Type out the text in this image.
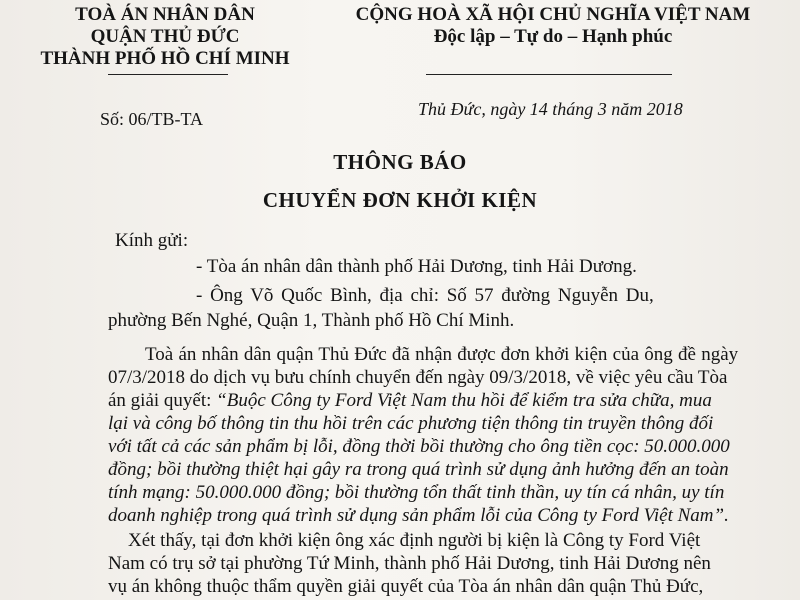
TOÀ ÁN NHÂN DÂN
QUẬN THỦ ĐỨC
THÀNH PHỐ HỒ CHÍ MINH
CỘNG HOÀ XÃ HỘI CHỦ NGHĨA VIỆT NAM
Độc lập – Tự do – Hạnh phúc
Số: 06/TB-TA	Thủ Đức, ngày 14 tháng 3 năm 2018
THÔNG BÁO
CHUYỂN ĐƠN KHỞI KIỆN
Kính gửi:
- Tòa án nhân dân thành phố Hải Dương, tinh Hải Dương.
- Ông Võ Quốc Bình, địa chỉ: Số 57 đường Nguyễn Du,
phường Bến Nghé, Quận 1, Thành phố Hồ Chí Minh.
Toà án nhân dân quận Thủ Đức đã nhận được đơn khởi kiện của ông đề ngày
07/3/2018 do dịch vụ bưu chính chuyển đến ngày 09/3/2018, về việc yêu cầu Tòa
án giải quyết: “Buộc Công ty Ford Việt Nam thu hồi để kiểm tra sửa chữa, mua
lại và công bố thông tin thu hồi trên các phương tiện thông tin truyền thông đối
với tất cả các sản phẩm bị lỗi, đồng thời bồi thường cho ông tiền cọc: 50.000.000
đồng; bồi thường thiệt hại gây ra trong quá trình sử dụng ảnh hưởng đến an toàn
tính mạng: 50.000.000 đồng; bồi thường tổn thất tinh thần, uy tín cá nhân, uy tín
doanh nghiệp trong quá trình sử dụng sản phẩm lỗi của Công ty Ford Việt Nam”.
Xét thấy, tại đơn khởi kiện ông xác định người bị kiện là Công ty Ford Việt
Nam có trụ sở tại phường Tứ Minh, thành phố Hải Dương, tinh Hải Dương nên
vụ án không thuộc thẩm quyền giải quyết của Tòa án nhân dân quận Thủ Đức,
